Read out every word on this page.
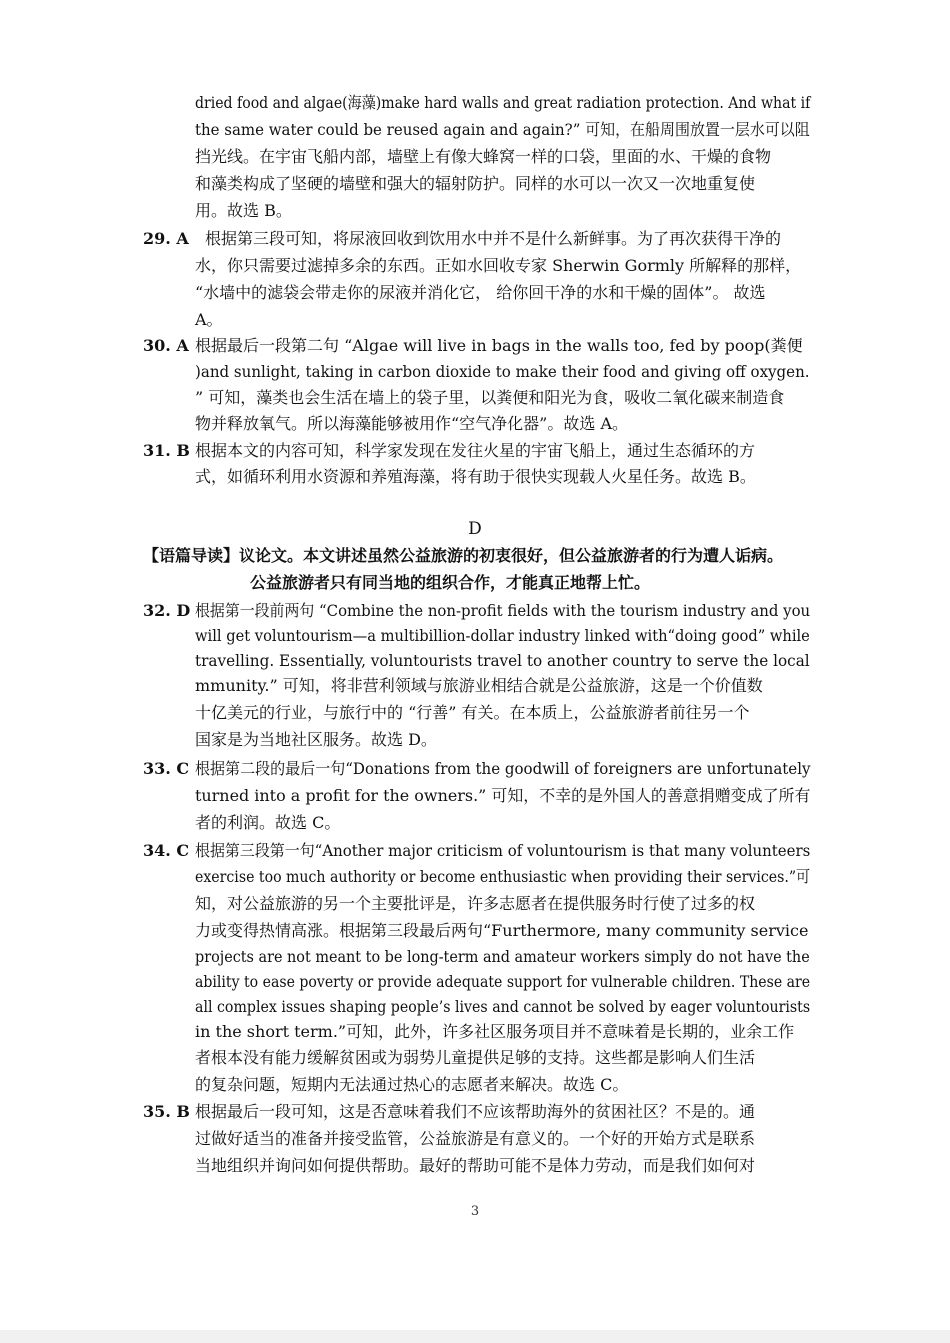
dried food and algae(海藻)make hard walls and great radiation protection. And what if
the same water could be reused again and again?” 可知，在船周围放置一层水可以阻
挡光线。在宇宙飞船内部，墙壁上有像大蜂窝一样的口袋，里面的水、干燥的食物
和藻类构成了坚硬的墙壁和强大的辐射防护。同样的水可以一次又一次地重复使
用。故选 B。
29. A 根据第三段可知，将尿液回收到饮用水中并不是什么新鲜事。为了再次获得干净的
水，你只需要过滤掉多余的东西。正如水回收专家 Sherwin Gormly 所解释的那样，
“水墙中的滤袋会带走你的尿液并消化它， 给你回干净的水和干燥的固体”。 故选
A。
30. A 根据最后一段第二句 “Algae will live in bags in the walls too, fed by poop(粪便
)and sunlight, taking in carbon dioxide to make their food and giving off oxygen.
” 可知，藻类也会生活在墙上的袋子里，以粪便和阳光为食，吸收二氧化碳来制造食
物并释放氧气。所以海藻能够被用作“空气净化器”。故选 A。
31. B 根据本文的内容可知，科学家发现在发往火星的宇宙飞船上，通过生态循环的方
式，如循环利用水资源和养殖海藻，将有助于很快实现载人火星任务。故选 B。
D
【语篇导读】议论文。本文讲述虽然公益旅游的初衷很好，但公益旅游者的行为遭人诟病。
公益旅游者只有同当地的组织合作，才能真正地帮上忙。
32. D 根据第一段前两句 “Combine the non-profit fields with the tourism industry and you
will get voluntourism—a multibillion-dollar industry linked with“doing good” while
travelling. Essentially, voluntourists travel to another country to serve the local
mmunity.” 可知，将非营利领域与旅游业相结合就是公益旅游，这是一个价值数
十亿美元的行业，与旅行中的 “行善” 有关。在本质上，公益旅游者前往另一个
国家是为当地社区服务。故选 D。
33. C 根据第二段的最后一句“Donations from the goodwill of foreigners are unfortunately
turned into a profit for the owners.” 可知，不幸的是外国人的善意捐赠变成了所有
者的利润。故选 C。
34. C 根据第三段第一句“Another major criticism of voluntourism is that many volunteers
exercise too much authority or become enthusiastic when providing their services.”可
知，对公益旅游的另一个主要批评是，许多志愿者在提供服务时行使了过多的权
力或变得热情高涨。根据第三段最后两句“Furthermore, many community service
projects are not meant to be long-term and amateur workers simply do not have the
ability to ease poverty or provide adequate support for vulnerable children. These are
all complex issues shaping people’s lives and cannot be solved by eager voluntourists
in the short term.”可知，此外，许多社区服务项目并不意味着是长期的，业余工作
者根本没有能力缓解贫困或为弱势儿童提供足够的支持。这些都是影响人们生活
的复杂问题，短期内无法通过热心的志愿者来解决。故选 C。
35. B 根据最后一段可知，这是否意味着我们不应该帮助海外的贫困社区？不是的。通
过做好适当的准备并接受监管，公益旅游是有意义的。一个好的开始方式是联系
当地组织并询问如何提供帮助。最好的帮助可能不是体力劳动，而是我们如何对
3
